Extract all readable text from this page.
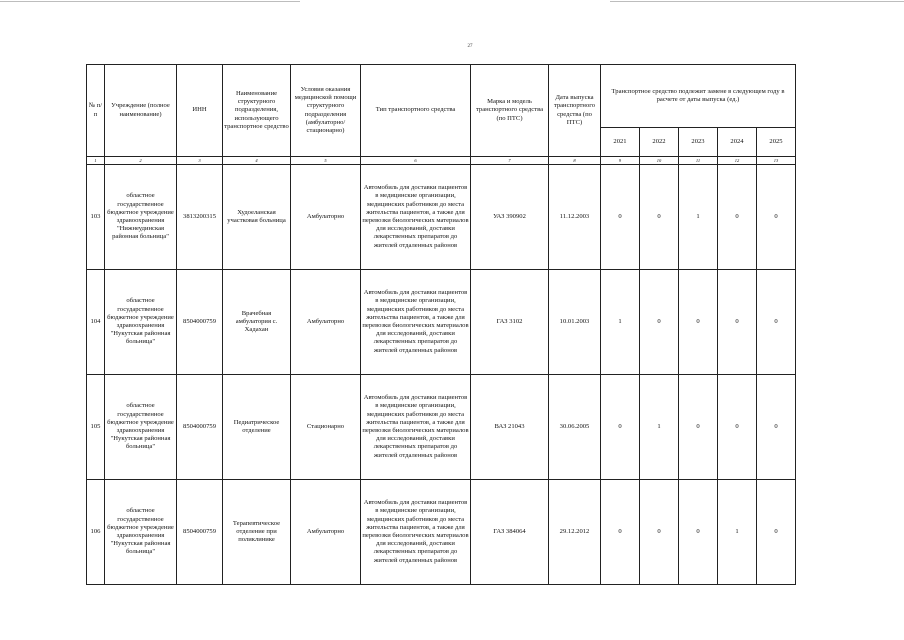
27
№ п/п	Учреждение (полное наименование)	ИНН	Наименование структурного подразделения, использующего транспортное средство	Условия оказания медицинской помощи структурного подразделения (амбулаторно/ стационарно)	Тип транспортного средства	Марка и модель транспортного средства (по ПТС)	Дата выпуска транспортного средства (по ПТС)	Транспортное средство подлежит замене в следующем году в расчете от даты выпуска (ед.)				
								2021	2022	2023	2024	2025
1	2	3	4	5	6	7	8	9	10	11	12	13
103	областное государственное бюджетное учреждение здравоохранения "Нижнеудинская районная больница"	3813200315	Худоеланская участковая больница	Амбулаторно	Автомобиль для доставки пациентов в медицинские организации, медицинских работников до места жительства пациентов, а также для перевозки биологических материалов для исследований, доставки лекарственных препаратов до жителей отдаленных районов	УАЗ 390902	11.12.2003	0	0	1	0	0
104	областное государственное бюджетное учреждение здравоохранения "Нукутская районная больница"	8504000759	Врачебная амбулатория с. Хадахан	Амбулаторно	Автомобиль для доставки пациентов в медицинские организации, медицинских работников до места жительства пациентов, а также для перевозки биологических материалов для исследований, доставки лекарственных препаратов до жителей отдаленных районов	ГАЗ 3102	10.01.2003	1	0	0	0	0
105	областное государственное бюджетное учреждение здравоохранения "Нукутская районная больница"	8504000759	Педиатрическое отделение	Стационарно	Автомобиль для доставки пациентов в медицинские организации, медицинских работников до места жительства пациентов, а также для перевозки биологических материалов для исследований, доставки лекарственных препаратов до жителей отдаленных районов	ВАЗ 21043	30.06.2005	0	1	0	0	0
106	областное государственное бюджетное учреждение здравоохранения "Нукутская районная больница"	8504000759	Терапевтическое отделение при поликлинике	Амбулаторно	Автомобиль для доставки пациентов в медицинские организации, медицинских работников до места жительства пациентов, а также для перевозки биологических материалов для исследований, доставки лекарственных препаратов до жителей отдаленных районов	ГАЗ 384064	29.12.2012	0	0	0	1	0
